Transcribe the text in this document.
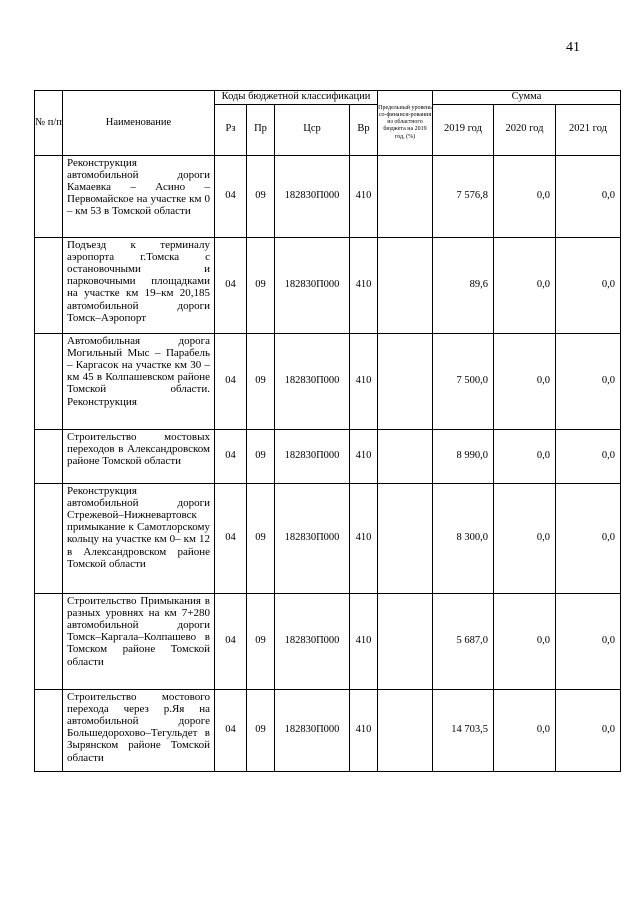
41
№ п/п	Наименование	Коды бюджетной классификации				Предельный уровень со-финанси-рования из областного бюджета на 2019 год, (%)	Сумма		
		Рз	Пр	Цср	Вр		2019 год	2020 год	2021 год
	Реконструкция автомобильной дороги Камаевка – Асино – Первомайское на участке км 0 – км 53 в Томской области	04	09	182830П000	410		7 576,8	0,0	0,0
	Подъезд к терминалу аэропорта г.Томска с остановочными и парковочными площадками на участке км 19–км 20,185 автомобильной дороги Томск–Аэропорт	04	09	182830П000	410		89,6	0,0	0,0
	Автомобильная дорога Могильный Мыс – Парабель – Каргасок на участке км 30 –км 45 в Колпашевском районе Томской области. Реконструкция	04	09	182830П000	410		7 500,0	0,0	0,0
	Строительство мостовых переходов в Александровском районе Томской области	04	09	182830П000	410		8 990,0	0,0	0,0
	Реконструкция автомобильной дороги Стрежевой–Нижневартовск примыкание к Самотлорскому кольцу на участке км 0– км 12 в Александровском районе Томской области	04	09	182830П000	410		8 300,0	0,0	0,0
	Строительство Примыкания в разных уровнях на км 7+280 автомобильной дороги Томск–Каргала–Колпашево в Томском районе Томской области	04	09	182830П000	410		5 687,0	0,0	0,0
	Строительство мостового перехода через р.Яя на автомобильной дороге Большедорохово–Тегульдет в Зырянском районе Томской области	04	09	182830П000	410		14 703,5	0,0	0,0
